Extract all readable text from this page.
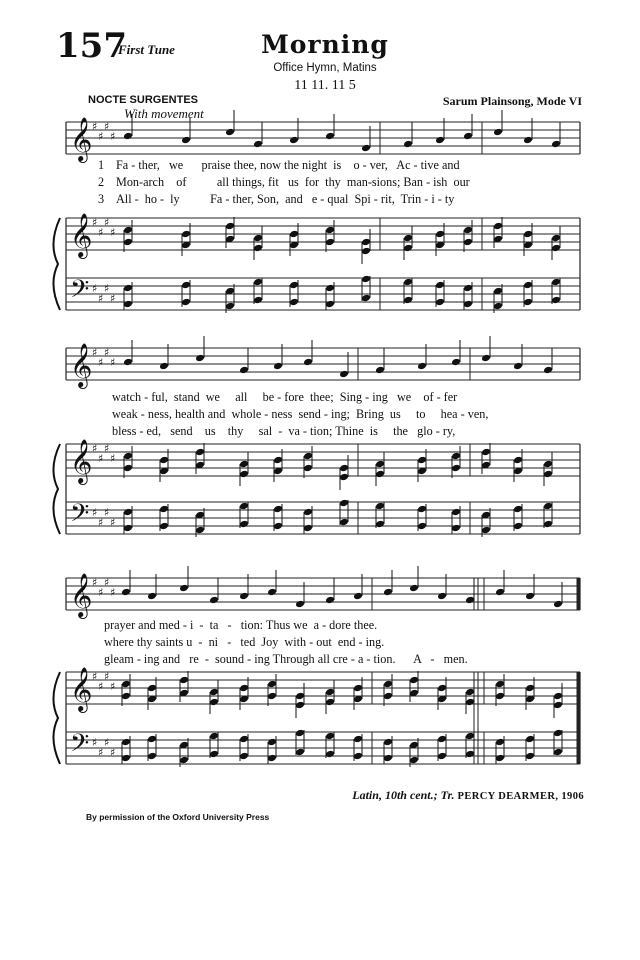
157
First Tune	Morning
Office Hymn, Matins
11 11. 11 5
NOCTE SURGENTES	Sarum Plainsong, Mode VI
With movement
𝄞 ♯
♯
♯
♯
𝄞 ♯
♯
♯
♯
𝄢 ♯
♯
♯
♯
𝄞 ♯
♯
♯
♯
𝄞 ♯
♯
♯
♯
𝄢 ♯
♯
♯
♯
𝄞 ♯
♯
♯
♯
𝄞 ♯
♯
♯
♯
𝄢 ♯
♯
♯
♯
1 Fa - ther,   we      praise thee, now the night  is    o - ver,   Ac - tive and
2 Mon-arch    of          all things, fit   us  for  thy  man-sions; Ban - ish  our
3 All -  ho -  ly          Fa - ther, Son,  and   e - qual  Spi - rit,  Trin - i - ty
watch - ful,  stand  we     all     be - fore  thee;  Sing - ing   we    of - fer
weak - ness, health and  whole - ness  send - ing;  Bring  us     to     hea - ven,
bless - ed,   send    us    thy     sal  -  va - tion; Thine  is     the   glo - ry,
prayer and med - i  -  ta   -   tion: Thus we  a - dore thee.
where thy saints u  -  ni   -   ted  Joy  with - out  end - ing.
gleam - ing and   re  -  sound - ing Through all cre - a - tion.      A   -   men.
Latin, 10th cent.; Tr. PERCY DEARMER, 1906
By permission of the Oxford University Press
